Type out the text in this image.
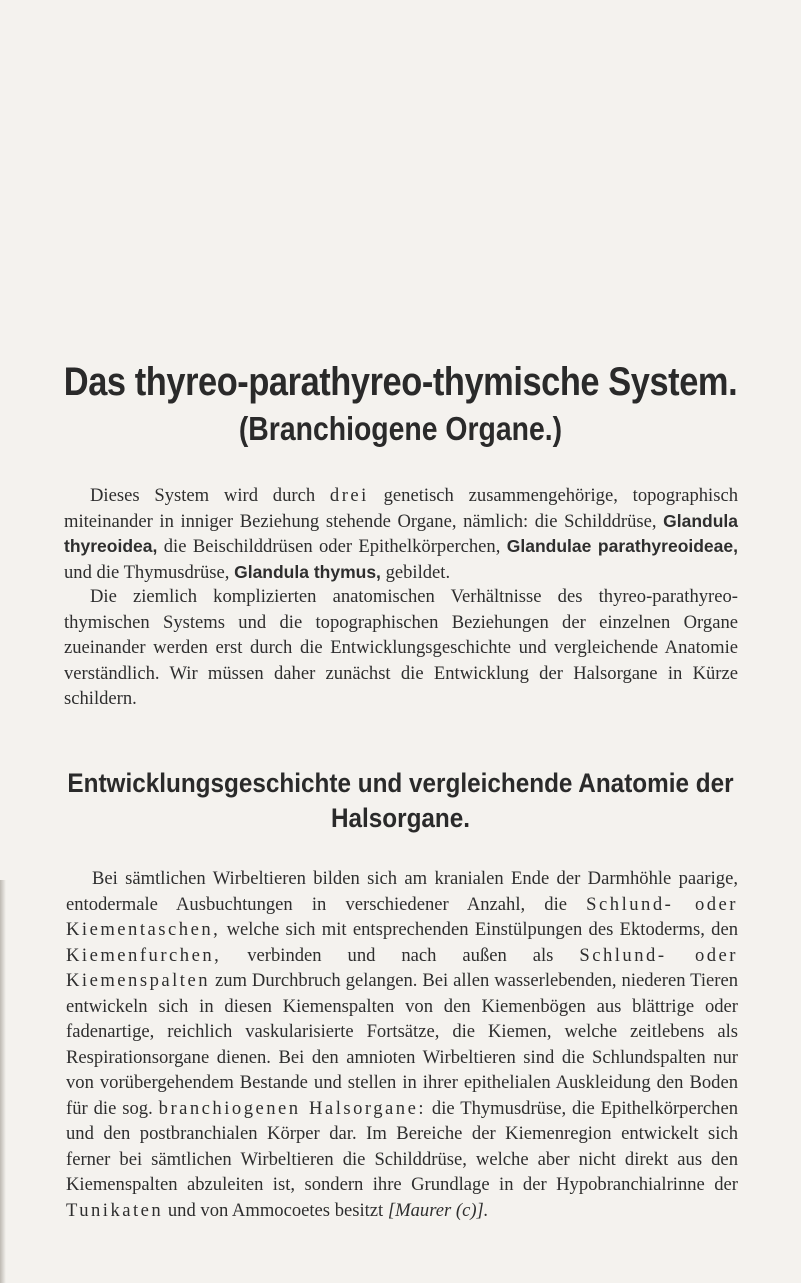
Das thyreo-parathyreo-thymische System.
(Branchiogene Organe.)

Dieses System wird durch drei genetisch zusammengehörige, topographisch miteinander in inniger Beziehung stehende Organe, nämlich: die Schilddrüse, Glandula thyreoidea, die Beischilddrüsen oder Epithelkörperchen, Glandulae parathyreoideae, und die Thymusdrüse, Glandula thymus, gebildet.

Die ziemlich komplizierten anatomischen Verhältnisse des thyreo-parathyreo-thymischen Systems und die topographischen Beziehungen der einzelnen Organe zueinander werden erst durch die Entwicklungsgeschichte und vergleichende Anatomie verständlich. Wir müssen daher zunächst die Entwicklung der Halsorgane in Kürze schildern.

Entwicklungsgeschichte und vergleichende Anatomie der
Halsorgane.

Bei sämtlichen Wirbeltieren bilden sich am kranialen Ende der Darmhöhle paarige, entodermale Ausbuchtungen in verschiedener Anzahl, die Schlund- oder Kiementaschen, welche sich mit entsprechenden Einstülpungen des Ektoderms, den Kiemenfurchen, verbinden und nach außen als Schlund- oder Kiemenspalten zum Durchbruch gelangen. Bei allen wasserlebenden, niederen Tieren entwickeln sich in diesen Kiemenspalten von den Kiemenbögen aus blättrige oder fadenartige, reichlich vaskularisierte Fortsätze, die Kiemen, welche zeitlebens als Respirationsorgane dienen. Bei den amnioten Wirbeltieren sind die Schlundspalten nur von vorübergehendem Bestande und stellen in ihrer epithelialen Auskleidung den Boden für die sog. branchiogenen Halsorgane: die Thymusdrüse, die Epithelkörperchen und den postbranchialen Körper dar. Im Bereiche der Kiemenregion entwickelt sich ferner bei sämtlichen Wirbeltieren die Schilddrüse, welche aber nicht direkt aus den Kiemenspalten abzuleiten ist, sondern ihre Grundlage in der Hypobranchialrinne der Tunikaten und von Ammocoetes besitzt [Maurer (c)].
